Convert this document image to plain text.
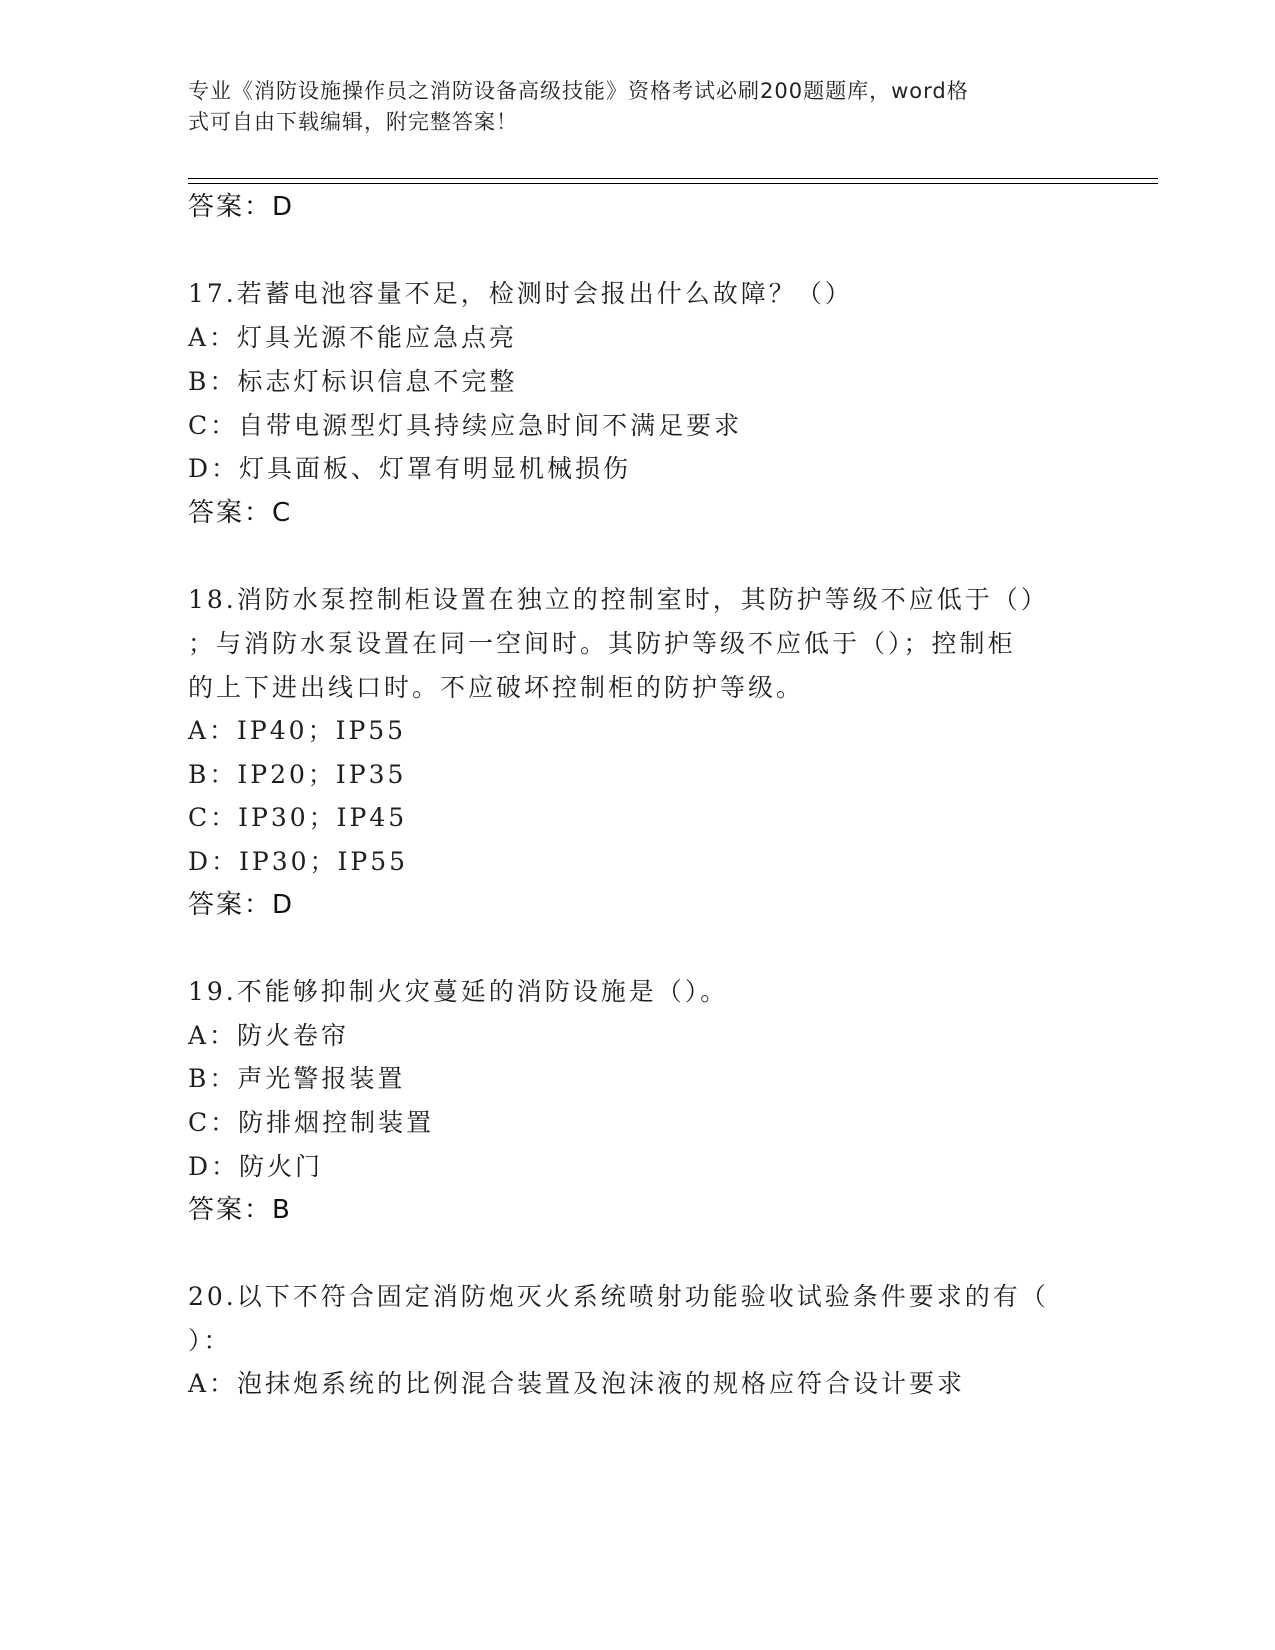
专业《消防设施操作员之消防设备高级技能》资格考试必刷200题题库，word格
式可自由下载编辑，附完整答案！
答案：D
17.若蓄电池容量不足，检测时会报出什么故障？（）
A：灯具光源不能应急点亮
B：标志灯标识信息不完整
C：自带电源型灯具持续应急时间不满足要求
D：灯具面板、灯罩有明显机械损伤
答案：C
18.消防水泵控制柜设置在独立的控制室时，其防护等级不应低于（）
；与消防水泵设置在同一空间时。其防护等级不应低于（）；控制柜
的上下进出线口时。不应破坏控制柜的防护等级。
A：IP40；IP55
B：IP20；IP35
C：IP30；IP45
D：IP30；IP55
答案：D
19.不能够抑制火灾蔓延的消防设施是（）。
A：防火卷帘
B：声光警报装置
C：防排烟控制装置
D：防火门
答案：B
20.以下不符合固定消防炮灭火系统喷射功能验收试验条件要求的有（
）：
A：泡抹炮系统的比例混合装置及泡沫液的规格应符合设计要求
